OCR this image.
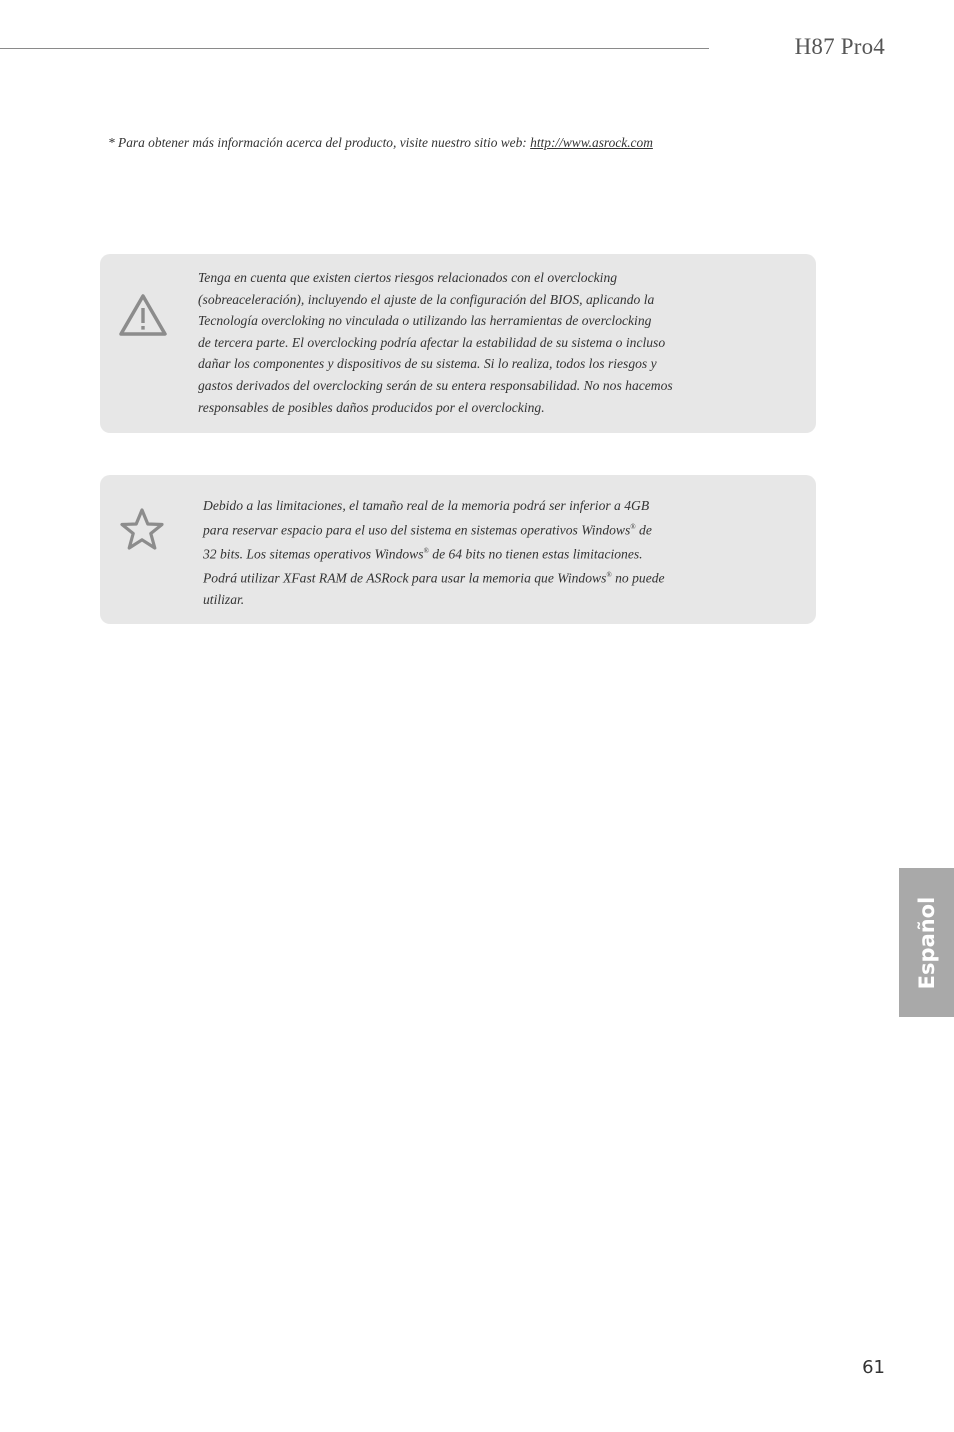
H87 Pro4
* Para obtener más información acerca del producto, visite nuestro sitio web: http://www.asrock.com
Tenga en cuenta que existen ciertos riesgos relacionados con el overclocking
(sobreaceleración), incluyendo el ajuste de la configuración del BIOS, aplicando la
Tecnología overcloking no vinculada o utilizando las herramientas de overclocking
de tercera parte. El overclocking podría afectar la estabilidad de su sistema o incluso
dañar los componentes y dispositivos de su sistema. Si lo realiza, todos los riesgos y
gastos derivados del overclocking serán de su entera responsabilidad. No nos hacemos
responsables de posibles daños producidos por el overclocking.
Debido a las limitaciones, el tamaño real de la memoria podrá ser inferior a 4GB
para reservar espacio para el uso del sistema en sistemas operativos Windows® de
32 bits. Los sitemas operativos Windows® de 64 bits no tienen estas limitaciones.
Podrá utilizar XFast RAM de ASRock para usar la memoria que Windows® no puede
utilizar.
Español
61
